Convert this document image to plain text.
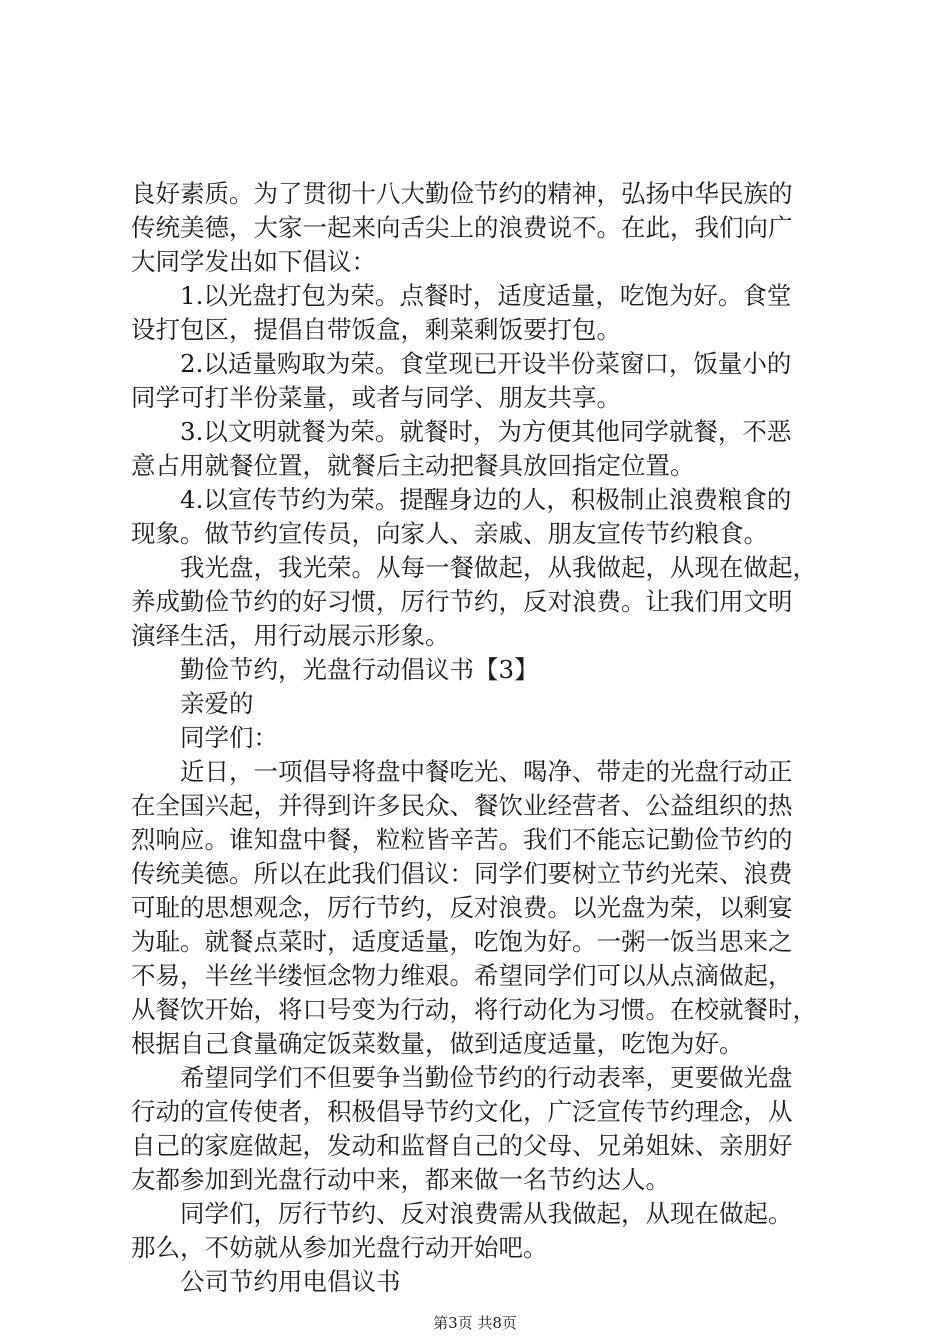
良好素质。为了贯彻十八大勤俭节约的精神，弘扬中华民族的
传统美德，大家一起来向舌尖上的浪费说不。在此，我们向广
大同学发出如下倡议：
1.以光盘打包为荣。点餐时，适度适量，吃饱为好。食堂
设打包区，提倡自带饭盒，剩菜剩饭要打包。
2.以适量购取为荣。食堂现已开设半份菜窗口，饭量小的
同学可打半份菜量，或者与同学、朋友共享。
3.以文明就餐为荣。就餐时，为方便其他同学就餐，不恶
意占用就餐位置，就餐后主动把餐具放回指定位置。
4.以宣传节约为荣。提醒身边的人，积极制止浪费粮食的
现象。做节约宣传员，向家人、亲戚、朋友宣传节约粮食。
我光盘，我光荣。从每一餐做起，从我做起，从现在做起，
养成勤俭节约的好习惯，厉行节约，反对浪费。让我们用文明
演绎生活，用行动展示形象。
勤俭节约，光盘行动倡议书【3】
亲爱的
同学们：
近日，一项倡导将盘中餐吃光、喝净、带走的光盘行动正
在全国兴起，并得到许多民众、餐饮业经营者、公益组织的热
烈响应。谁知盘中餐，粒粒皆辛苦。我们不能忘记勤俭节约的
传统美德。所以在此我们倡议：同学们要树立节约光荣、浪费
可耻的思想观念，厉行节约，反对浪费。以光盘为荣，以剩宴
为耻。就餐点菜时，适度适量，吃饱为好。一粥一饭当思来之
不易，半丝半缕恒念物力维艰。希望同学们可以从点滴做起，
从餐饮开始，将口号变为行动，将行动化为习惯。在校就餐时，
根据自己食量确定饭菜数量，做到适度适量，吃饱为好。
希望同学们不但要争当勤俭节约的行动表率，更要做光盘
行动的宣传使者，积极倡导节约文化，广泛宣传节约理念，从
自己的家庭做起，发动和监督自己的父母、兄弟姐妹、亲朋好
友都参加到光盘行动中来，都来做一名节约达人。
同学们，厉行节约、反对浪费需从我做起，从现在做起。
那么，不妨就从参加光盘行动开始吧。
公司节约用电倡议书
第3页 共8页
